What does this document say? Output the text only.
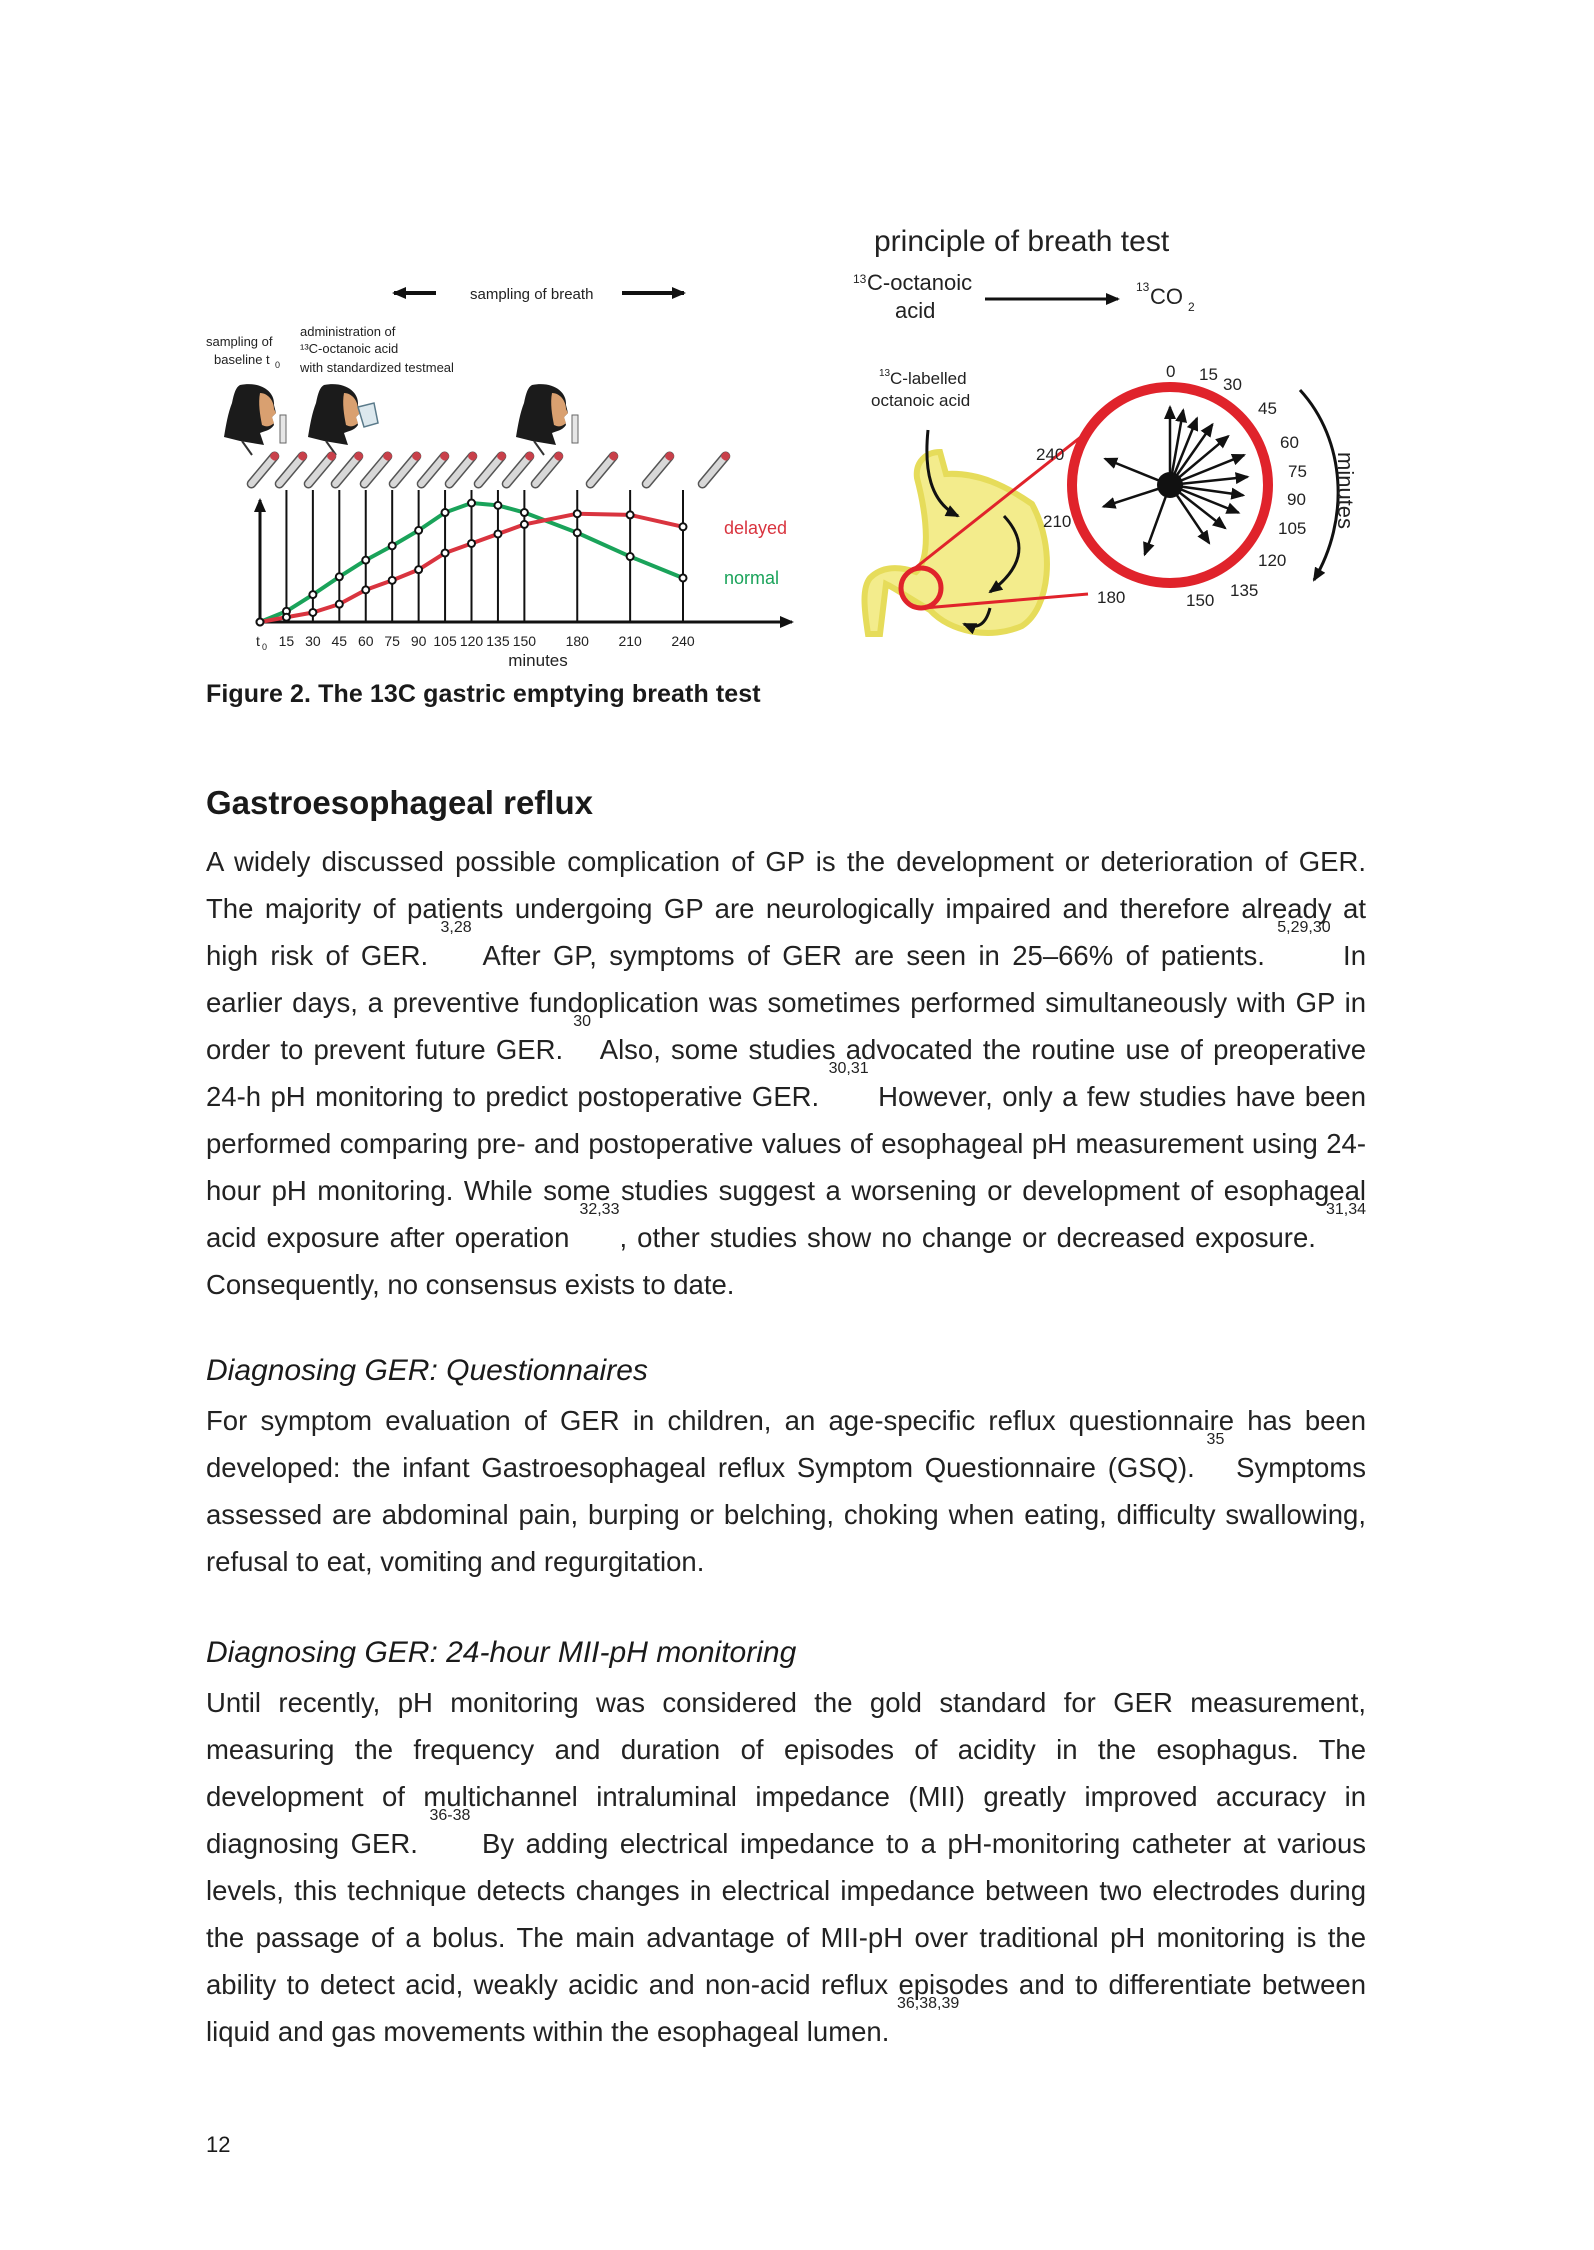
sampling of breath
sampling of
baseline t 0
administration of
¹³C-octanoic acid
with standardized testmeal
delayed
normal
t 0 15 30 45 60 75 90 105 120 135 150 180 210 240
minutes
principle of breath test
13 C-octanoic
acid
13 CO 2
13 C-labelled
octanoic acid
0 15
30
45
60
75
90
105
120
135
150
180
210
240	minutes
Figure 2. The 13C gastric emptying breath test
Gastroesophageal reflux
A widely discussed possible complication of GP is the development or deterioration of GER. The majority of patients undergoing GP are neurologically impaired and therefore already at high risk of GER. $^{3,28}$ After GP, symptoms of GER are seen in 25–66% of patients. $^{5,29,30}$ In earlier days, a preventive fundoplication was sometimes performed simultaneously with GP in order to prevent future GER. $^{30}$ Also, some studies advocated the routine use of preoperative 24-h pH monitoring to predict postoperative GER. $^{30,31}$ However, only a few studies have been performed comparing pre- and postoperative values of esophageal pH measurement using 24-hour pH monitoring. While some studies suggest a worsening or development of esophageal acid exposure after operation $^{32,33}$, other studies show no change or decreased exposure. $^{31,34}$ Consequently, no consensus exists to date.
Diagnosing GER: Questionnaires
For symptom evaluation of GER in children, an age-specific reflux questionnaire has been developed: the infant Gastroesophageal reflux Symptom Questionnaire (GSQ). $^{35}$ Symptoms assessed are abdominal pain, burping or belching, choking when eating, difficulty swallowing, refusal to eat, vomiting and regurgitation.
Diagnosing GER: 24-hour MII-pH monitoring
Until recently, pH monitoring was considered the gold standard for GER measurement, measuring the frequency and duration of episodes of acidity in the esophagus. The development of multichannel intraluminal impedance (MII) greatly improved accuracy in diagnosing GER. $^{36-38}$ By adding electrical impedance to a pH-monitoring catheter at various levels, this technique detects changes in electrical impedance between two electrodes during the passage of a bolus. The main advantage of MII-pH over traditional pH monitoring is the ability to detect acid, weakly acidic and non-acid reflux episodes and to differentiate between liquid and gas movements within the esophageal lumen. $^{36,38,39}$
12
